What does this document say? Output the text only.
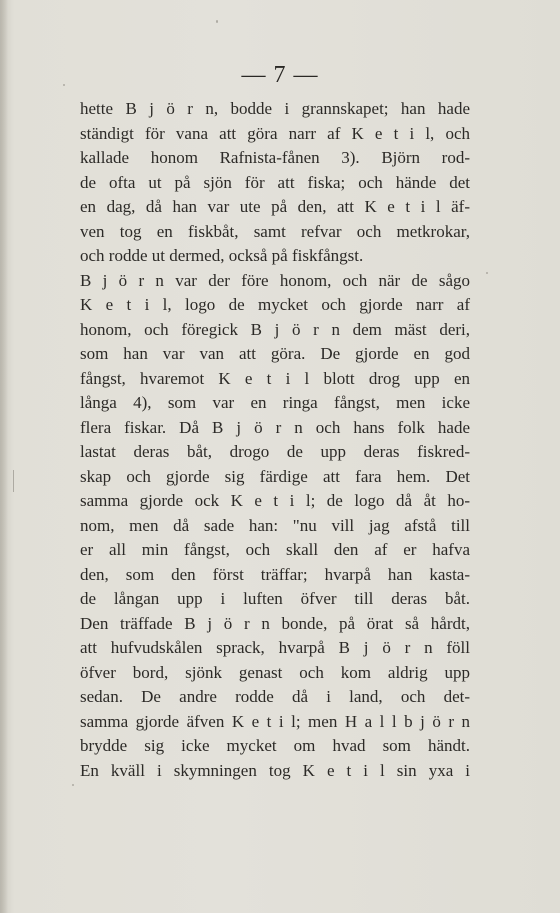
— 7 —
hette B j ö r n, bodde i grannskapet; han hade
ständigt för vana att göra narr af K e t i l, och
kallade honom Rafnista-fånen 3). Björn rod-
de ofta ut på sjön för att fiska; och hände det
en dag, då han var ute på den, att K e t i l äf-
ven tog en fiskbåt, samt refvar och metkrokar,
och rodde ut dermed, också på fiskfångst.
B j ö r n var der före honom, och när de sågo
K e t i l, logo de mycket och gjorde narr af
honom, och föregick B j ö r n dem mäst deri,
som han var van att göra. De gjorde en god
fångst, hvaremot K e t i l blott drog upp en
långa 4), som var en ringa fångst, men icke
flera fiskar. Då B j ö r n och hans folk hade
lastat deras båt, drogo de upp deras fiskred-
skap och gjorde sig färdige att fara hem. Det
samma gjorde ock K e t i l; de logo då åt ho-
nom, men då sade han: "nu vill jag afstå till
er all min fångst, och skall den af er hafva
den, som den först träffar; hvarpå han kasta-
de långan upp i luften öfver till deras båt.
Den träffade B j ö r n bonde, på örat så hårdt,
att hufvudskålen sprack, hvarpå B j ö r n föll
öfver bord, sjönk genast och kom aldrig upp
sedan. De andre rodde då i land, och det-
samma gjorde äfven K e t i l; men H a l l b j ö r n
brydde sig icke mycket om hvad som händt.
En kväll i skymningen tog K e t i l sin yxa i
